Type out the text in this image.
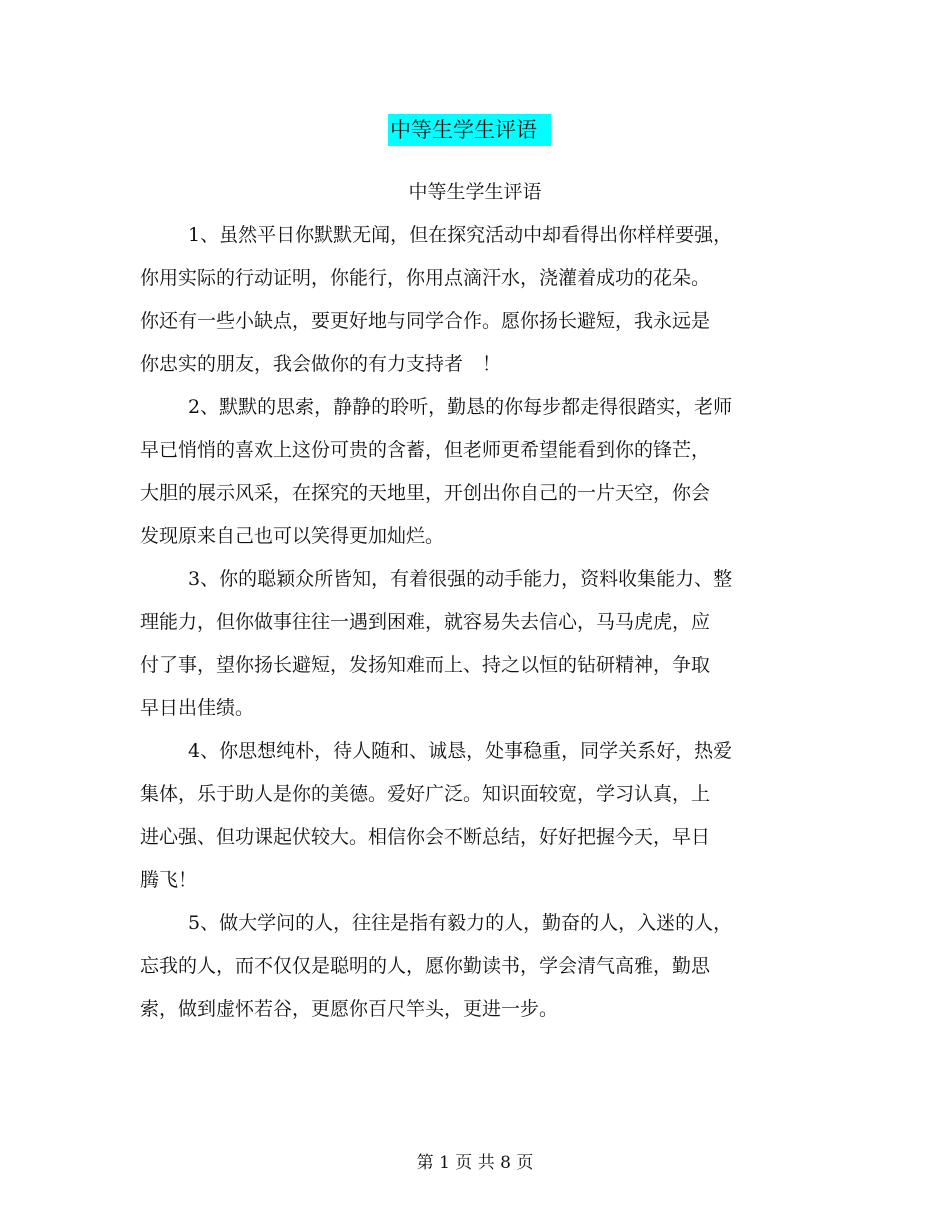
中等生学生评语
中等生学生评语
1、虽然平日你默默无闻，但在探究活动中却看得出你样样要强，
你用实际的行动证明，你能行，你用点滴汗水，浇灌着成功的花朵。
你还有一些小缺点，要更好地与同学合作。愿你扬长避短，我永远是
你忠实的朋友，我会做你的有力支持者　！
2、默默的思索，静静的聆听，勤恳的你每步都走得很踏实，老师
早已悄悄的喜欢上这份可贵的含蓄，但老师更希望能看到你的锋芒，
大胆的展示风采，在探究的天地里，开创出你自己的一片天空，你会
发现原来自己也可以笑得更加灿烂。
3、你的聪颖众所皆知，有着很强的动手能力，资料收集能力、整
理能力，但你做事往往一遇到困难，就容易失去信心，马马虎虎，应
付了事，望你扬长避短，发扬知难而上、持之以恒的钻研精神，争取
早日出佳绩。
4、你思想纯朴，待人随和、诚恳，处事稳重，同学关系好，热爱
集体，乐于助人是你的美德。爱好广泛。知识面较宽，学习认真，上
进心强、但功课起伏较大。相信你会不断总结，好好把握今天，早日
腾飞！
5、做大学问的人，往往是指有毅力的人，勤奋的人，入迷的人，
忘我的人，而不仅仅是聪明的人，愿你勤读书，学会清气高雅，勤思
索，做到虚怀若谷，更愿你百尺竿头，更进一步。
第 1 页 共 8 页
